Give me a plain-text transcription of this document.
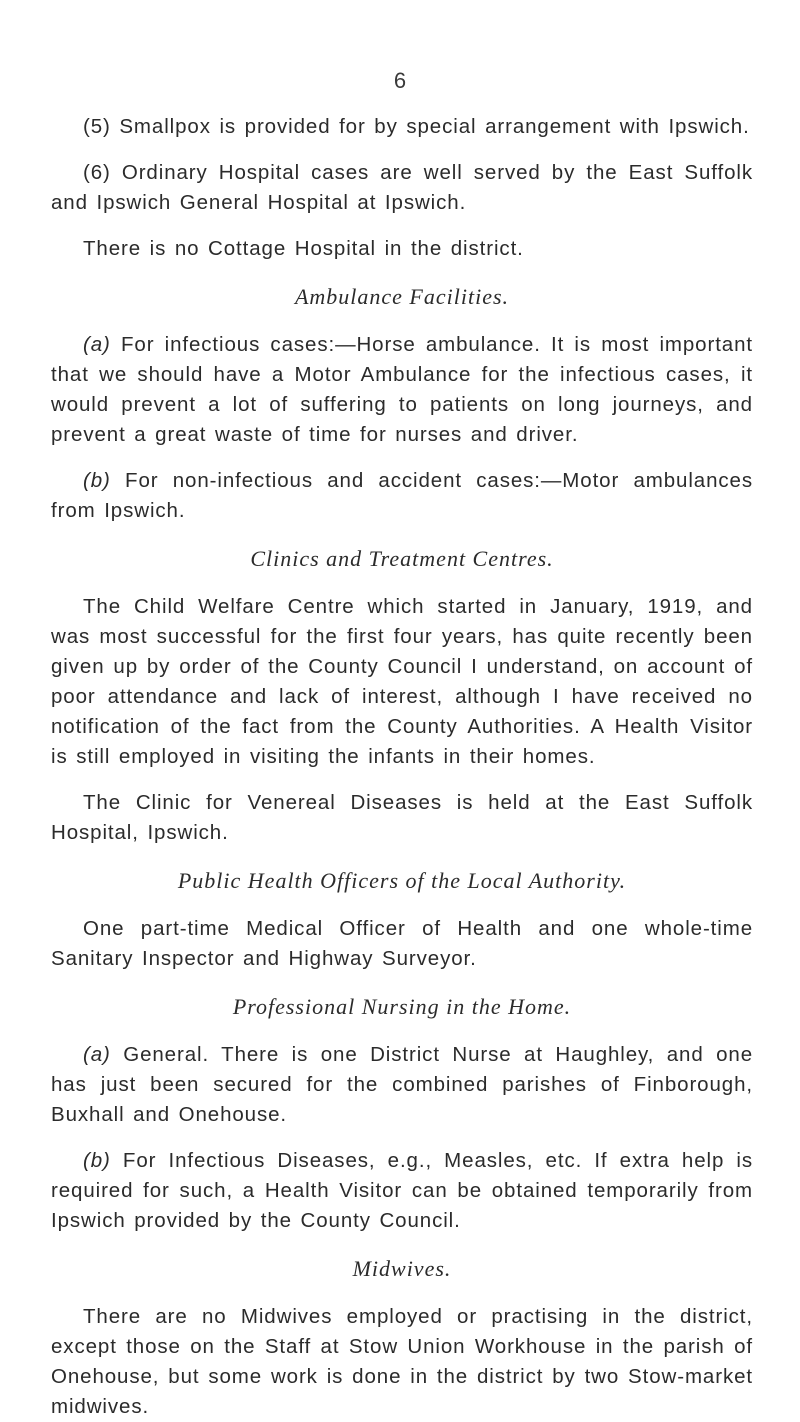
6

(5) Smallpox is provided for by special arrangement with Ipswich.

(6) Ordinary Hospital cases are well served by the East Suffolk and Ipswich General Hospital at Ipswich.

There is no Cottage Hospital in the district.

Ambulance Facilities.

(a) For infectious cases:—Horse ambulance. It is most important that we should have a Motor Ambulance for the infectious cases, it would prevent a lot of suffering to patients on long journeys, and prevent a great waste of time for nurses and driver.

(b) For non-infectious and accident cases:—Motor ambulances from Ipswich.

Clinics and Treatment Centres.

The Child Welfare Centre which started in January, 1919, and was most successful for the first four years, has quite recently been given up by order of the County Council I understand, on account of poor attendance and lack of interest, although I have received no notification of the fact from the County Authorities. A Health Visitor is still employed in visiting the infants in their homes.

The Clinic for Venereal Diseases is held at the East Suffolk Hospital, Ipswich.

Public Health Officers of the Local Authority.

One part-time Medical Officer of Health and one whole-time Sanitary Inspector and Highway Surveyor.

Professional Nursing in the Home.

(a) General. There is one District Nurse at Haughley, and one has just been secured for the combined parishes of Finborough, Buxhall and Onehouse.

(b) For Infectious Diseases, e.g., Measles, etc. If extra help is required for such, a Health Visitor can be obtained temporarily from Ipswich provided by the County Council.

Midwives.

There are no Midwives employed or practising in the district, except those on the Staff at Stow Union Workhouse in the parish of Onehouse, but some work is done in the district by two Stow-market midwives.
